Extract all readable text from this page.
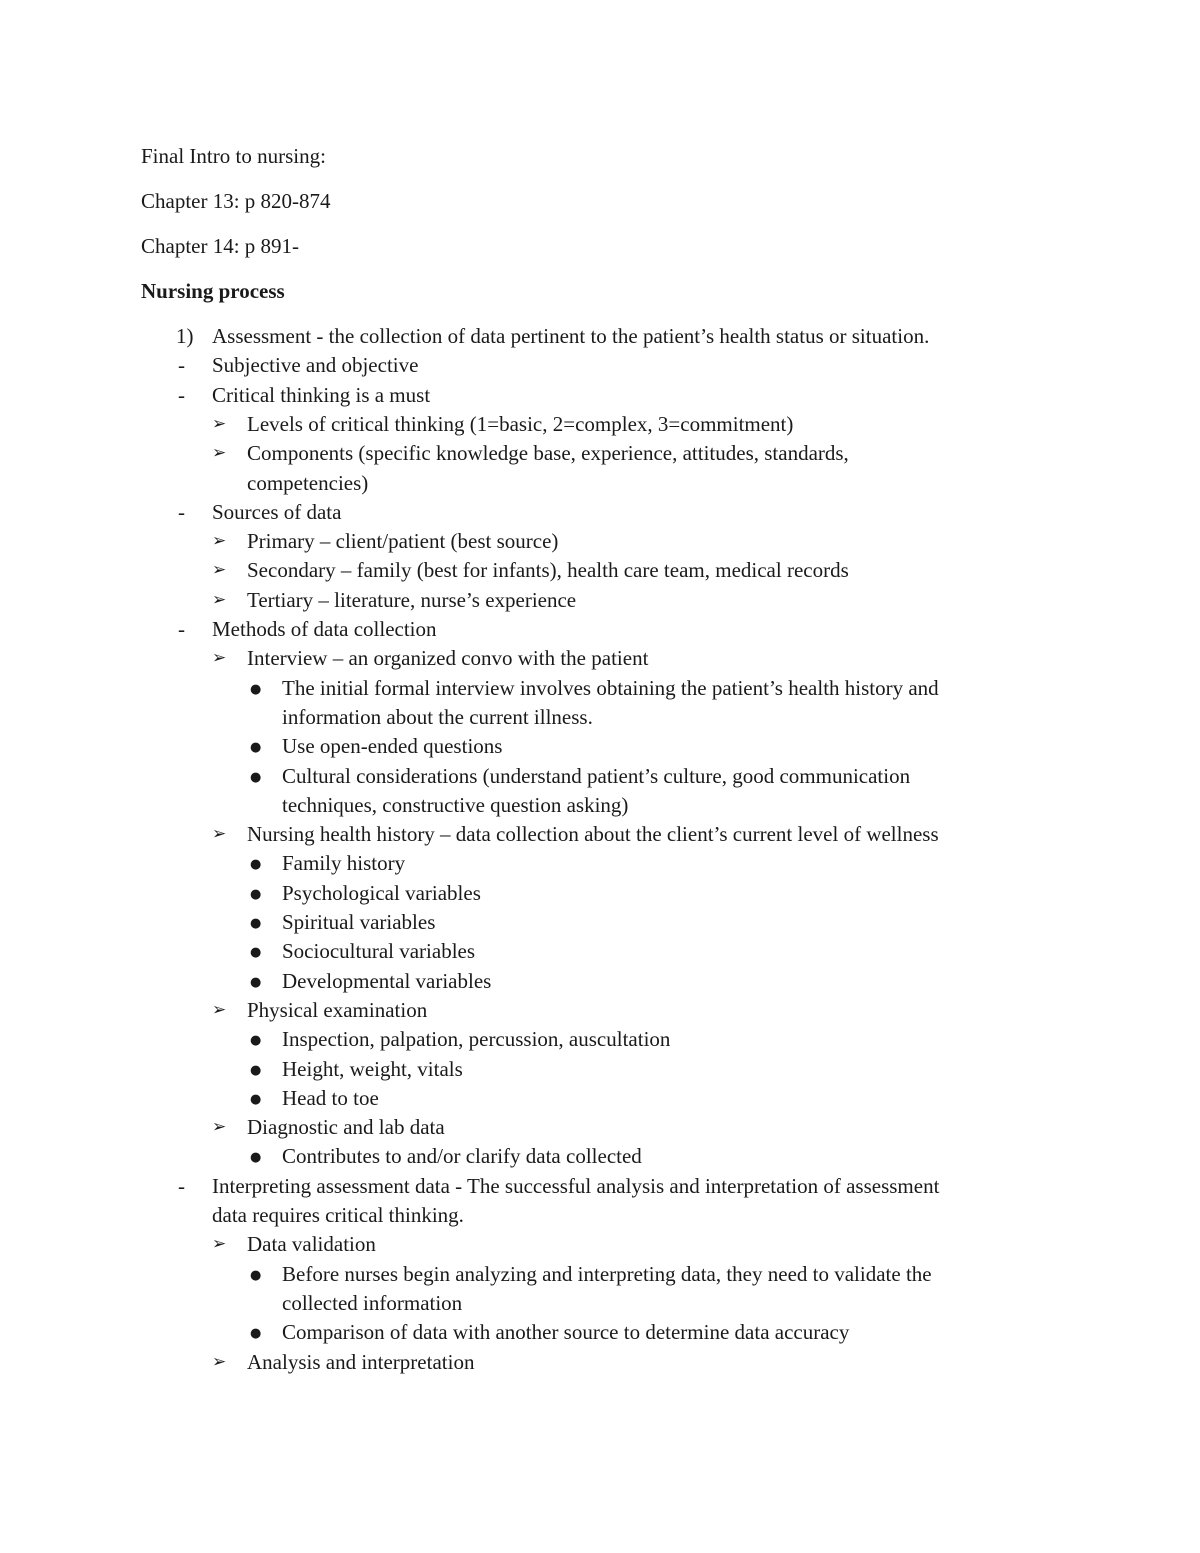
Final Intro to nursing:

Chapter 13: p 820-874

Chapter 14: p 891-

Nursing process

1) Assessment - the collection of data pertinent to the patient’s health status or situation.
- Subjective and objective
- Critical thinking is a must
➢ Levels of critical thinking (1=basic, 2=complex, 3=commitment)
➢ Components (specific knowledge base, experience, attitudes, standards,
competencies)
- Sources of data
➢ Primary – client/patient (best source)
➢ Secondary – family (best for infants), health care team, medical records
➢ Tertiary – literature, nurse’s experience
- Methods of data collection
➢ Interview – an organized convo with the patient
● The initial formal interview involves obtaining the patient’s health history and
information about the current illness.
● Use open-ended questions
● Cultural considerations (understand patient’s culture, good communication
techniques, constructive question asking)
➢ Nursing health history – data collection about the client’s current level of wellness
● Family history
● Psychological variables
● Spiritual variables
● Sociocultural variables
● Developmental variables
➢ Physical examination
● Inspection, palpation, percussion, auscultation
● Height, weight, vitals
● Head to toe
➢ Diagnostic and lab data
● Contributes to and/or clarify data collected
- Interpreting assessment data - The successful analysis and interpretation of assessment
data requires critical thinking.
➢ Data validation
● Before nurses begin analyzing and interpreting data, they need to validate the
collected information
● Comparison of data with another source to determine data accuracy
➢ Analysis and interpretation
